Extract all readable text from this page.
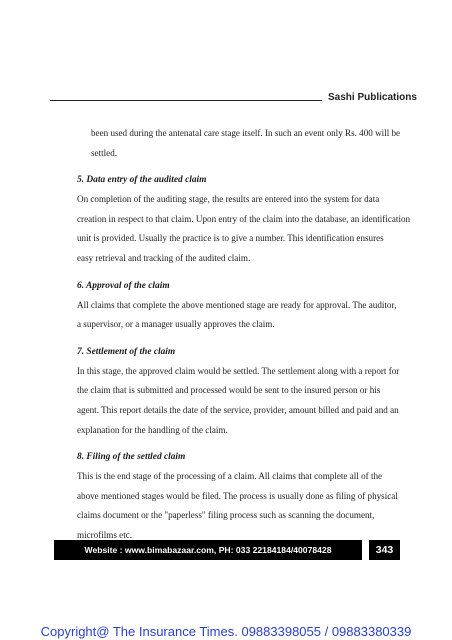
Sashi Publications
been used during the antenatal care stage itself. In such an event only Rs. 400 will be
settled.
5. Data entry of the audited claim
On completion of the auditing stage, the results are entered into the system for data
creation in respect to that claim. Upon entry of the claim into the database, an identification
unit is provided. Usually the practice is to give a number. This identification ensures
easy retrieval and tracking of the audited claim.
6. Approval of the claim
All claims that complete the above mentioned stage are ready for approval. The auditor,
a supervisor, or a manager usually approves the claim.
7. Settlement of the claim
In this stage, the approved claim would be settled. The settlement along with a report for
the claim that is submitted and processed would be sent to the insured person or his
agent. This report details the date of the service, provider, amount billed and paid and an
explanation for the handling of the claim.
8. Filing of the settled claim
This is the end stage of the processing of a claim. All claims that complete all of the
above mentioned stages would be filed. The process is usually done as filing of physical
claims document or the "paperless" filing process such as scanning the document,
microfilms etc.
Website : www.bimabazaar.com, PH: 033 22184184/40078428	343
Copyright@ The Insurance Times. 09883398055 / 09883380339
